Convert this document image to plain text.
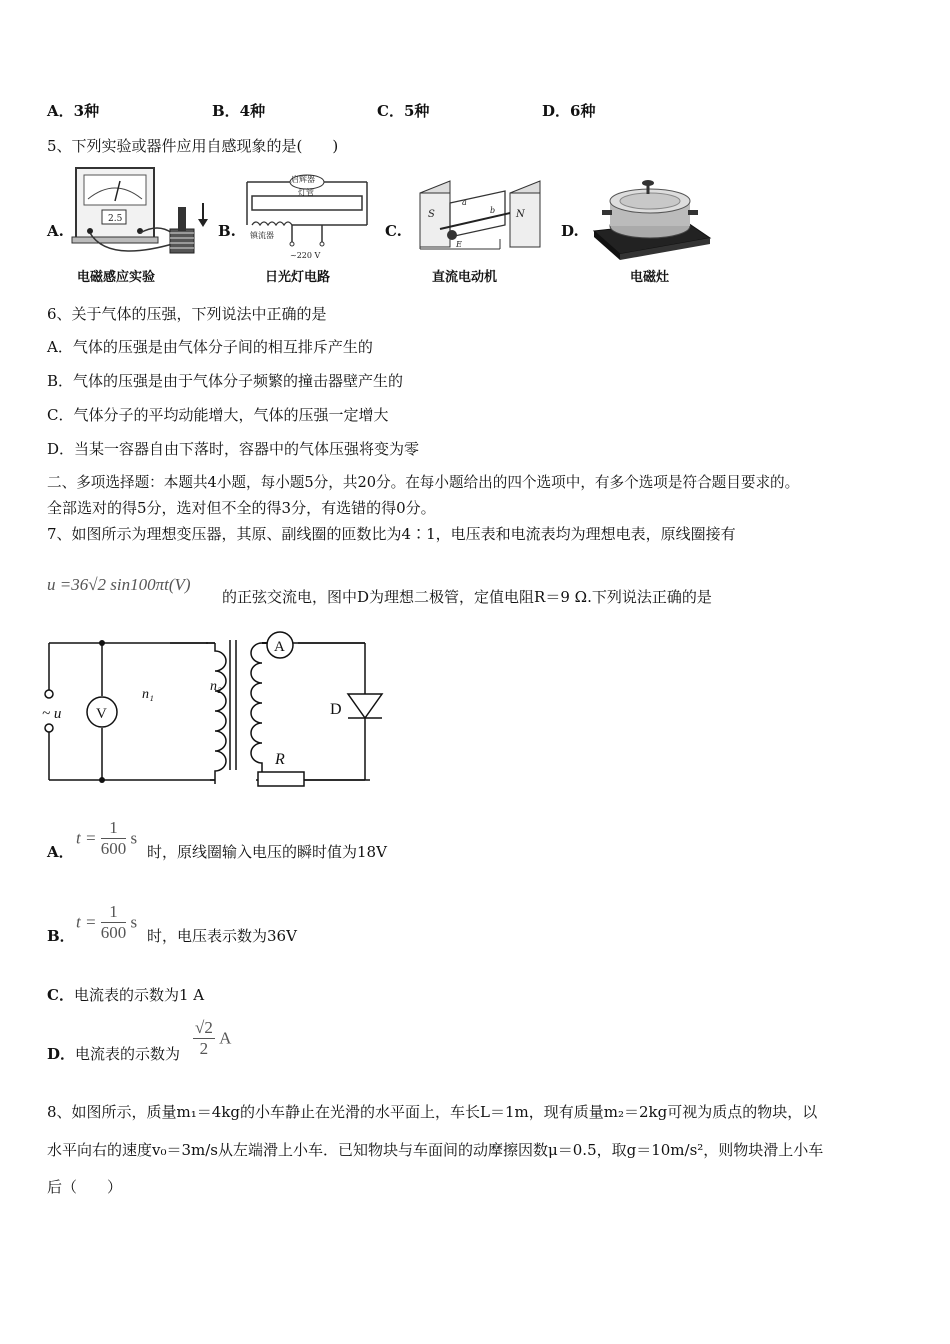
A．3种	B．4种	C．5种	D．6种
5、下列实验或器件应用自感现象的是(　　)
A.	B.	C.	D.
2.5
电磁感应实验
启辉器
灯管
镇流器
~220 V
日光灯电路
S	N
a
b
E
直流电动机	电磁灶
6、关于气体的压强，下列说法中正确的是
A．气体的压强是由气体分子间的相互排斥产生的
B．气体的压强是由于气体分子频繁的撞击器壁产生的
C．气体分子的平均动能增大，气体的压强一定增大
D．当某一容器自由下落时，容器中的气体压强将变为零
二、多项选择题：本题共4小题，每小题5分，共20分。在每小题给出的四个选项中，有多个选项是符合题目要求的。
全部选对的得5分，选对但不全的得3分，有选错的得0分。
7、如图所示为理想变压器，其原、副线圈的匝数比为4∶1，电压表和电流表均为理想电表，原线圈接有
u =36√2 sin100πt(V)
的正弦交流电，图中D为理想二极管，定值电阻R＝9 Ω.下列说法正确的是
A
V
~ u
n₁
n₂
D
R
A．
$t = \frac{1}{600}$ s
时，原线圈输入电压的瞬时值为18V
B．
$t = \frac{1}{600}$ s
时，电压表示数为36V
C．电流表的示数为1 A
D．电流表的示数为 $\frac{√2}{2}$ A
8、如图所示，质量m₁＝4kg的小车静止在光滑的水平面上，车长L＝1m，现有质量m₂＝2kg可视为质点的物块，以
水平向右的速度v₀＝3m/s从左端滑上小车．已知物块与车面间的动摩擦因数μ＝0.5，取g＝10m/s²，则物块滑上小车
后（　　）
